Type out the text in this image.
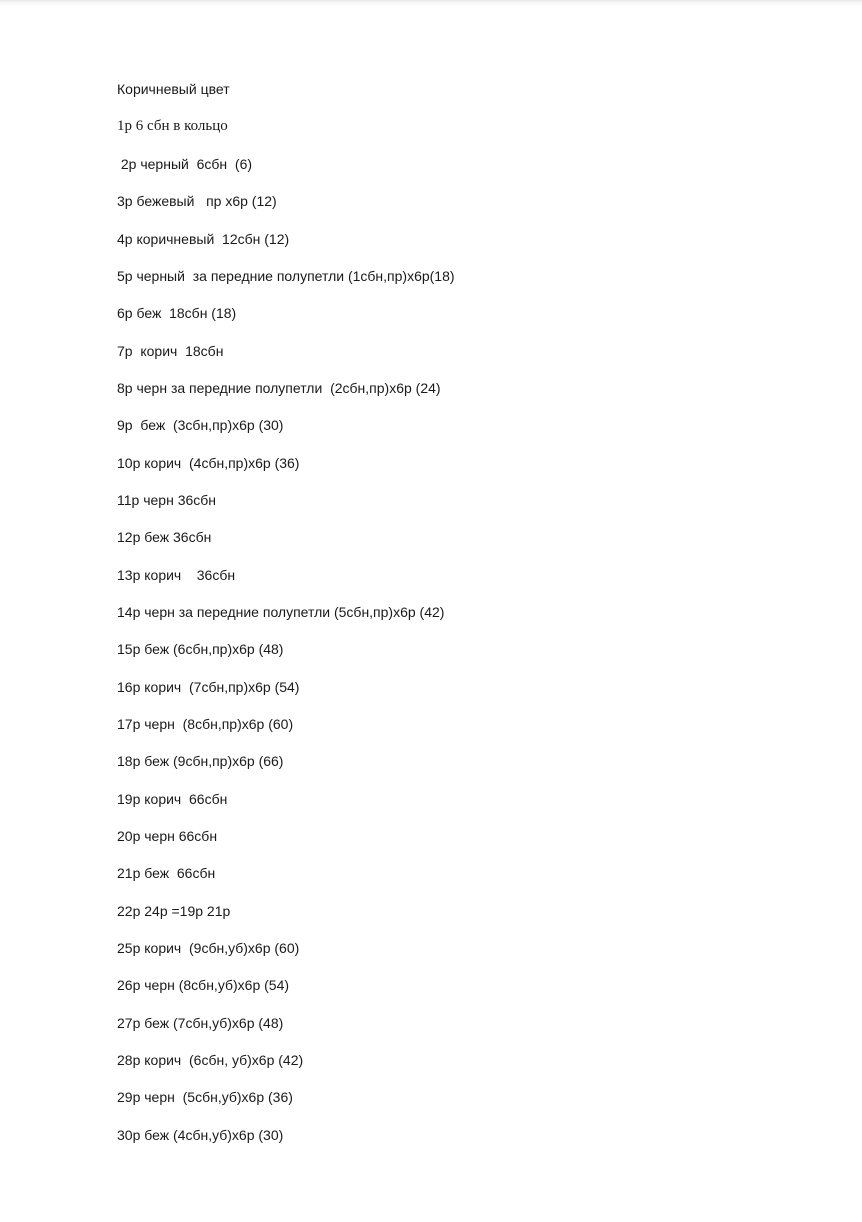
Коричневый цвет

1р 6 сбн в кольцо

2р черный  6сбн  (6)

3р бежевый   пр х6р (12)

4р коричневый  12сбн (12)

5р черный  за передние полупетли (1сбн,пр)х6р(18)

6р беж  18сбн (18)

7р  корич  18сбн

8р черн за передние полупетли  (2сбн,пр)х6р (24)

9р  беж  (3сбн,пр)х6р (30)

10р корич  (4сбн,пр)х6р (36)

11р черн 36сбн

12р беж 36сбн

13р корич    36сбн

14р черн за передние полупетли (5сбн,пр)х6р (42)

15р беж (6сбн,пр)х6р (48)

16р корич  (7сбн,пр)х6р (54)

17р черн  (8сбн,пр)х6р (60)

18р беж (9сбн,пр)х6р (66)

19р корич  66сбн

20р черн 66сбн

21р беж  66сбн

22р 24р =19р 21р

25р корич  (9сбн,уб)х6р (60)

26р черн (8сбн,уб)х6р (54)

27р беж (7сбн,уб)х6р (48)

28р корич  (6сбн, уб)х6р (42)

29р черн  (5сбн,уб)х6р (36)

30р беж (4сбн,уб)х6р (30)
